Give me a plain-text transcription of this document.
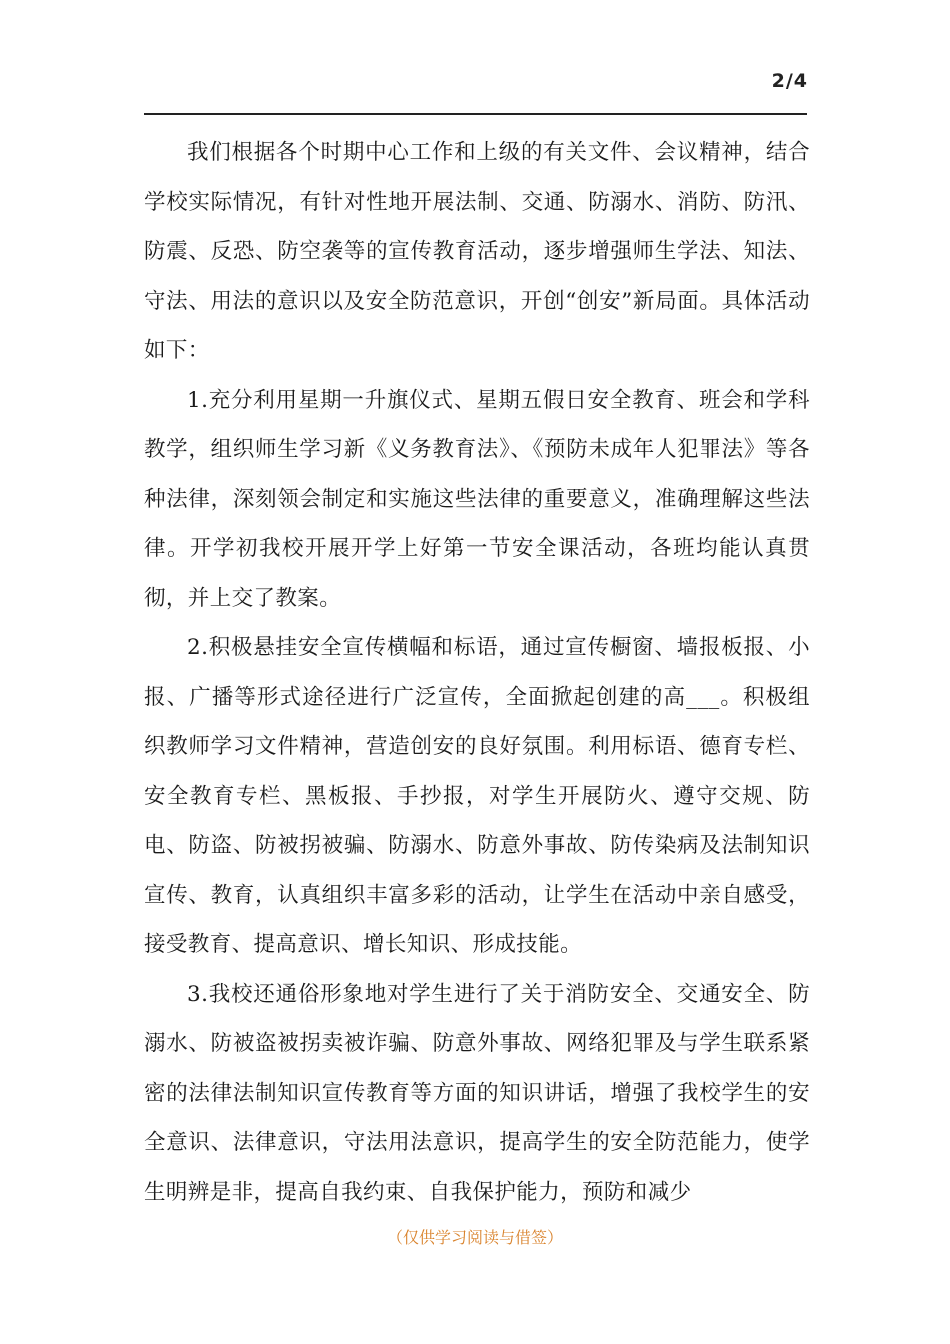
2/4

我们根据各个时期中心工作和上级的有关文件、会议精神，结合学校实际情况，有针对性地开展法制、交通、防溺水、消防、防汛、防震、反恐、防空袭等的宣传教育活动，逐步增强师生学法、知法、守法、用法的意识以及安全防范意识，开创“创安”新局面。具体活动如下：

1.充分利用星期一升旗仪式、星期五假日安全教育、班会和学科教学，组织师生学习新《义务教育法》、《预防未成年人犯罪法》等各种法律，深刻领会制定和实施这些法律的重要意义，准确理解这些法律。开学初我校开展开学上好第一节安全课活动，各班均能认真贯彻，并上交了教案。

2.积极悬挂安全宣传横幅和标语，通过宣传橱窗、墙报板报、小报、广播等形式途径进行广泛宣传，全面掀起创建的高___。积极组织教师学习文件精神，营造创安的良好氛围。利用标语、德育专栏、安全教育专栏、黑板报、手抄报，对学生开展防火、遵守交规、防电、防盗、防被拐被骗、防溺水、防意外事故、防传染病及法制知识宣传、教育，认真组织丰富多彩的活动，让学生在活动中亲自感受，接受教育、提高意识、增长知识、形成技能。

3.我校还通俗形象地对学生进行了关于消防安全、交通安全、防溺水、防被盗被拐卖被诈骗、防意外事故、网络犯罪及与学生联系紧密的法律法制知识宣传教育等方面的知识讲话，增强了我校学生的安全意识、法律意识，守法用法意识，提高学生的安全防范能力，使学生明辨是非，提高自我约束、自我保护能力，预防和减少

（仅供学习阅读与借签）
